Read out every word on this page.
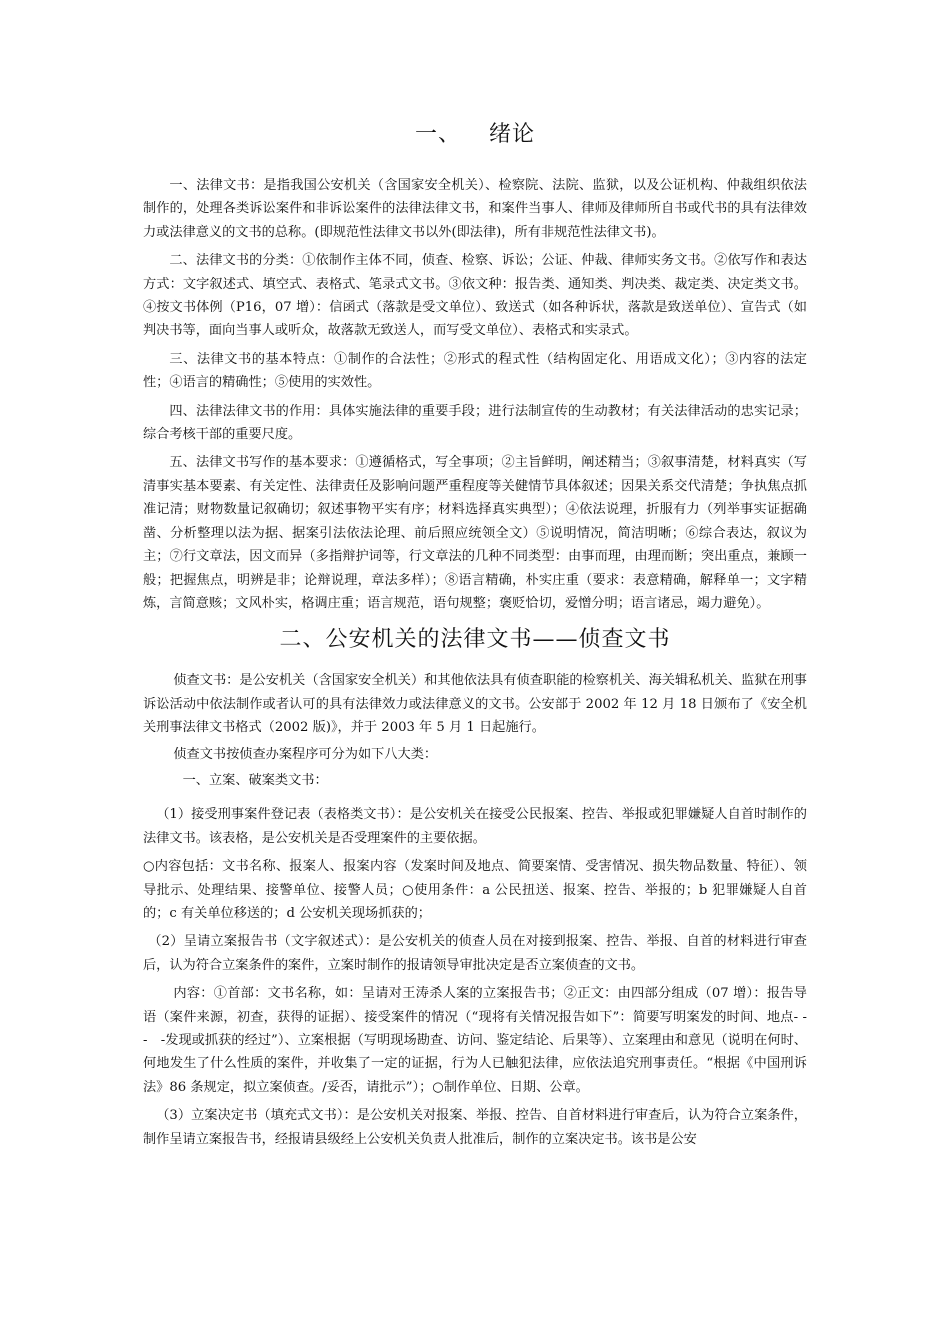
一、 绪论

一、法律文书：是指我国公安机关（含国家安全机关）、检察院、法院、监狱，以及公证机构、仲裁组织依法制作的，处理各类诉讼案件和非诉讼案件的法律法律文书，和案件当事人、律师及律师所自书或代书的具有法律效力或法律意义的文书的总称。(即规范性法律文书以外(即法律)，所有非规范性法律文书)。

二、法律文书的分类：①依制作主体不同，侦查、检察、诉讼；公证、仲裁、律师实务文书。②依写作和表达方式：文字叙述式、填空式、表格式、笔录式文书。③依文种：报告类、通知类、判决类、裁定类、决定类文书。④按文书体例（P16，07 增）：信函式（落款是受文单位）、致送式（如各种诉状，落款是致送单位）、宣告式（如判决书等，面向当事人或听众，故落款无致送人，而写受文单位）、表格式和实录式。

三、法律文书的基本特点：①制作的合法性；②形式的程式性（结构固定化、用语成文化）；③内容的法定性；④语言的精确性；⑤使用的实效性。

四、法律法律文书的作用：具体实施法律的重要手段；进行法制宣传的生动教材；有关法律活动的忠实记录；综合考核干部的重要尺度。

五、法律文书写作的基本要求：①遵循格式，写全事项；②主旨鲜明，阐述精当；③叙事清楚，材料真实（写清事实基本要素、有关定性、法律责任及影响问题严重程度等关健情节具体叙述；因果关系交代清楚；争执焦点抓准记清；财物数量记叙确切；叙述事物平实有序；材料选择真实典型）；④依法说理，折服有力（列举事实证据确凿、分析整理以法为据、据案引法依法论理、前后照应统领全文）⑤说明情况，简洁明晰；⑥综合表达，叙议为主；⑦行文章法，因文而异（多指辩护词等，行文章法的几种不同类型：由事而理，由理而断；突出重点，兼顾一般；把握焦点，明辨是非；论辩说理，章法多样）；⑧语言精确，朴实庄重（要求：表意精确，解释单一；文字精炼，言简意赅；文风朴实，格调庄重；语言规范，语句规整；褒贬恰切，爱憎分明；语言诸忌，竭力避免）。

二、公安机关的法律文书——侦查文书

侦查文书：是公安机关（含国家安全机关）和其他依法具有侦查职能的检察机关、海关辑私机关、监狱在刑事诉讼活动中依法制作或者认可的具有法律效力或法律意义的文书。公安部于 2002 年 12 月 18 日颁布了《安全机关刑事法律文书格式（2002 版)》，并于 2003 年 5 月 1 日起施行。

侦查文书按侦查办案程序可分为如下八大类：

一、立案、破案类文书：

（1）接受刑事案件登记表（表格类文书）：是公安机关在接受公民报案、控告、举报或犯罪嫌疑人自首时制作的法律文书。该表格，是公安机关是否受理案件的主要依据。

○内容包括：文书名称、报案人、报案内容（发案时间及地点、简要案情、受害情况、损失物品数量、特征）、领导批示、处理结果、接警单位、接警人员；○使用条件：a 公民扭送、报案、控告、举报的；b 犯罪嫌疑人自首的；c 有关单位移送的；d 公安机关现场抓获的；

（2）呈请立案报告书（文字叙述式）：是公安机关的侦查人员在对接到报案、控告、举报、自首的材料进行审查后，认为符合立案条件的案件，立案时制作的报请领导审批决定是否立案侦查的文书。

内容：①首部：文书名称，如：呈请对王涛杀人案的立案报告书；②正文：由四部分组成（07 增）：报告导语（案件来源，初查，获得的证据）、接受案件的情况（“现将有关情况报告如下”：简要写明案发的时间、地点- - -　-发现或抓获的经过”）、立案根据（写明现场勘查、访问、鉴定结论、后果等）、立案理由和意见（说明在何时、何地发生了什么性质的案件，并收集了一定的证据，行为人已触犯法律，应依法追究刑事责任。“根据《中国刑诉法》86 条规定，拟立案侦查。/妥否，请批示”）；○制作单位、日期、公章。

（3）立案决定书（填充式文书）：是公安机关对报案、举报、控告、自首材料进行审查后，认为符合立案条件，制作呈请立案报告书，经报请县级经上公安机关负责人批准后，制作的立案决定书。该书是公安
